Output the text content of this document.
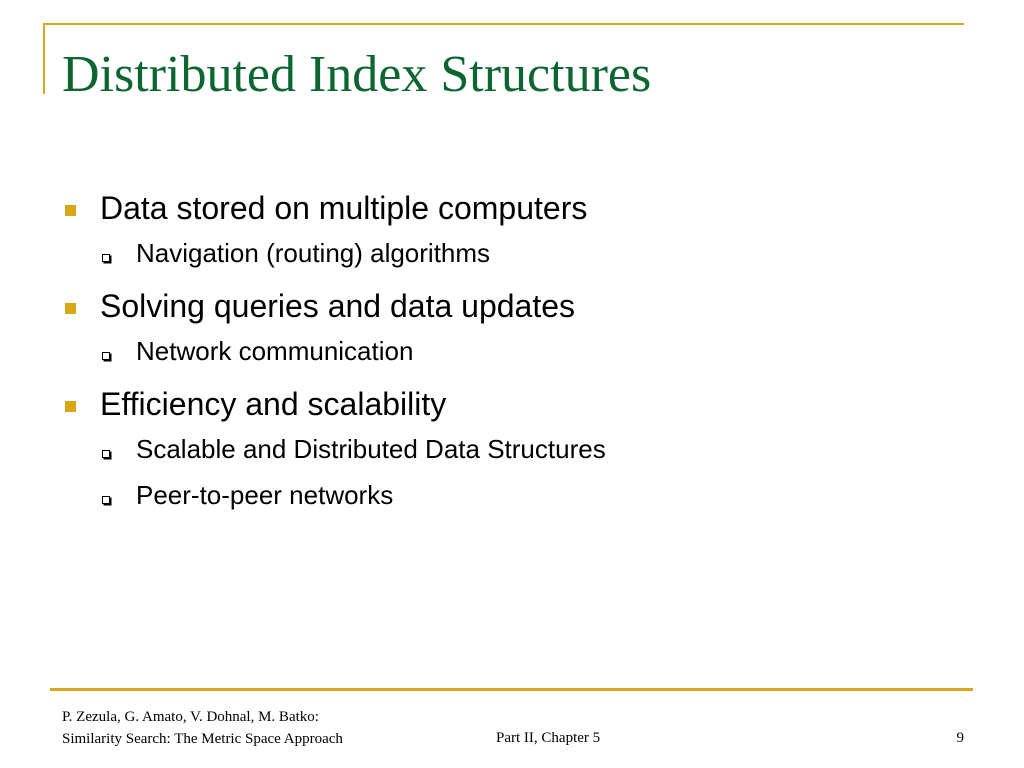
Distributed Index Structures
Data stored on multiple computers
Navigation (routing) algorithms
Solving queries and data updates
Network communication
Efficiency and scalability
Scalable and Distributed Data Structures
Peer-to-peer networks
P. Zezula, G. Amato, V. Dohnal, M. Batko:
Similarity Search: The Metric Space Approach	Part II, Chapter 5	9
